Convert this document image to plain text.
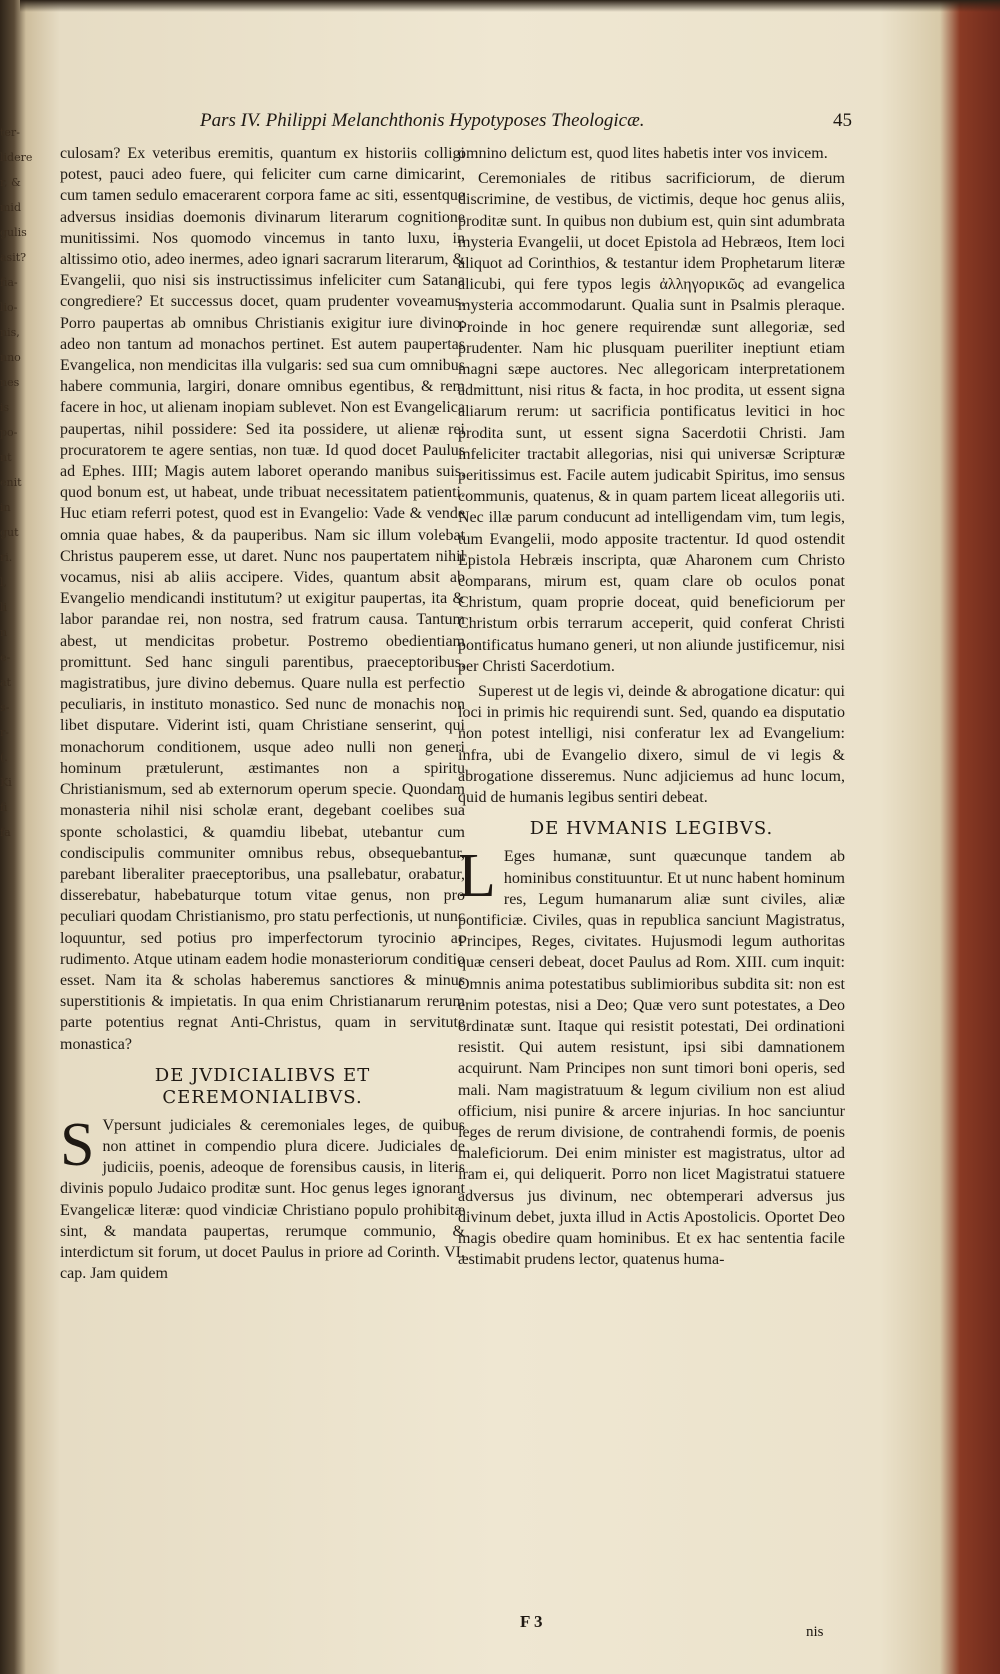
ter-
lidere
r, &
mid
gulis
asit?
fia-
lio-
nis,
nno
nes
is
po-
nt
enit
in
gut
ri.
l,
li
n
e-
at
s-
r-
(.
Ki
fi
fa
Pars IV. Philippi Melanchthonis Hypotyposes Theologicæ.	45

culosam? Ex veteribus eremitis, quantum ex historiis colligi potest, pauci adeo fuere, qui feliciter cum carne dimicarint, cum tamen sedulo emacerarent corpora fame ac siti, essentque adversus insidias doemonis divinarum literarum cognitione munitissimi. Nos quomodo vincemus in tanto luxu, in altissimo otio, adeo inermes, adeo ignari sacrarum literarum, & Evangelii, quo nisi sis instructissimus infeliciter cum Satana congrediere? Et successus docet, quam prudenter voveamus. Porro paupertas ab omnibus Christianis exigitur iure divino: adeo non tantum ad monachos pertinet. Est autem paupertas Evangelica, non mendicitas illa vulgaris: sed sua cum omnibus habere communia, largiri, donare omnibus egentibus, & rem facere in hoc, ut alienam inopiam sublevet. Non est Evangelica paupertas, nihil possidere: Sed ita possidere, ut alienæ rei procuratorem te agere sentias, non tuæ. Id quod docet Paulus ad Ephes. IIII; Magis autem laboret operando manibus suis, quod bonum est, ut habeat, unde tribuat necessitatem patienti. Huc etiam referri potest, quod est in Evangelio: Vade & vende omnia quae habes, & da pauperibus. Nam sic illum volebat Christus pauperem esse, ut daret. Nunc nos paupertatem nihil vocamus, nisi ab aliis accipere. Vides, quantum absit ab Evangelio mendicandi institutum? ut exigitur paupertas, ita & labor parandae rei, non nostra, sed fratrum causa. Tantum abest, ut mendicitas probetur. Postremo obedientiam promittunt. Sed hanc singuli parentibus, praeceptoribus, magistratibus, jure divino debemus. Quare nulla est perfectio peculiaris, in instituto monastico. Sed nunc de monachis non libet disputare. Viderint isti, quam Christiane senserint, qui monachorum conditionem, usque adeo nulli non generi hominum prætulerunt, æstimantes non a spiritu Christianismum, sed ab externorum operum specie. Quondam monasteria nihil nisi scholæ erant, degebant coelibes sua sponte scholastici, & quamdiu libebat, utebantur cum condiscipulis communiter omnibus rebus, obsequebantur, parebant liberaliter praeceptoribus, una psallebatur, orabatur, disserebatur, habebaturque totum vitae genus, non pro peculiari quodam Christianismo, pro statu perfectionis, ut nunc loquuntur, sed potius pro imperfectorum tyrocinio ac rudimento. Atque utinam eadem hodie monasteriorum conditio esset. Nam ita & scholas haberemus sanctiores & minus superstitionis & impietatis. In qua enim Christianarum rerum parte potentius regnat Anti-Christus, quam in servitute monastica?

DE JVDICIALIBVS ET CEREMONIALIBVS.

S Vpersunt judiciales & ceremoniales leges, de quibus non attinet in compendio plura dicere. Judiciales de judiciis, poenis, adeoque de forensibus causis, in literis divinis populo Judaico proditæ sunt. Hoc genus leges ignorant Evangelicæ literæ: quod vindiciæ Christiano populo prohibitæ sint, & mandata paupertas, rerumque communio, & interdictum sit forum, ut docet Paulus in priore ad Corinth. VI. cap. Jam quidem

omnino delictum est, quod lites habetis inter vos invicem.

Ceremoniales de ritibus sacrificiorum, de dierum discrimine, de vestibus, de victimis, deque hoc genus aliis, proditæ sunt. In quibus non dubium est, quin sint adumbrata mysteria Evangelii, ut docet Epistola ad Hebræos, Item loci aliquot ad Corinthios, & testantur idem Prophetarum literæ alicubi, qui fere typos legis ἀλληγορικῶς ad evangelica mysteria accommodarunt. Qualia sunt in Psalmis pleraque. Proinde in hoc genere requirendæ sunt allegoriæ, sed prudenter. Nam hic plusquam pueriliter ineptiunt etiam magni sæpe auctores. Nec allegoricam interpretationem admittunt, nisi ritus & facta, in hoc prodita, ut essent signa aliarum rerum: ut sacrificia pontificatus levitici in hoc prodita sunt, ut essent signa Sacerdotii Christi. Jam infeliciter tractabit allegorias, nisi qui universæ Scripturæ peritissimus est. Facile autem judicabit Spiritus, imo sensus communis, quatenus, & in quam partem liceat allegoriis uti. Nec illæ parum conducunt ad intelligendam vim, tum legis, tum Evangelii, modo apposite tractentur. Id quod ostendit Epistola Hebræis inscripta, quæ Aharonem cum Christo comparans, mirum est, quam clare ob oculos ponat Christum, quam proprie doceat, quid beneficiorum per Christum orbis terrarum acceperit, quid conferat Christi pontificatus humano generi, ut non aliunde justificemur, nisi per Christi Sacerdotium.

Superest ut de legis vi, deinde & abrogatione dicatur: qui loci in primis hic requirendi sunt. Sed, quando ea disputatio non potest intelligi, nisi conferatur lex ad Evangelium: infra, ubi de Evangelio dixero, simul de vi legis & abrogatione disseremus. Nunc adjiciemus ad hunc locum, quid de humanis legibus sentiri debeat.

DE HVMANIS LEGIBVS.

L Eges humanæ, sunt quæcunque tandem ab hominibus constituuntur. Et ut nunc habent hominum res, Legum humanarum aliæ sunt civiles, aliæ pontificiæ. Civiles, quas in republica sanciunt Magistratus, Principes, Reges, civitates. Hujusmodi legum authoritas quæ censeri debeat, docet Paulus ad Rom. XIII. cum inquit: Omnis anima potestatibus sublimioribus subdita sit: non est enim potestas, nisi a Deo; Quæ vero sunt potestates, a Deo ordinatæ sunt. Itaque qui resistit potestati, Dei ordinationi resistit. Qui autem resistunt, ipsi sibi damnationem acquirunt. Nam Principes non sunt timori boni operis, sed mali. Nam magistratuum & legum civilium non est aliud officium, nisi punire & arcere injurias. In hoc sanciuntur leges de rerum divisione, de contrahendi formis, de poenis maleficiorum. Dei enim minister est magistratus, ultor ad iram ei, qui deliquerit. Porro non licet Magistratui statuere adversus jus divinum, nec obtemperari adversus jus divinum debet, juxta illud in Actis Apostolicis. Oportet Deo magis obedire quam hominibus. Et ex hac sententia facile æstimabit prudens lector, quatenus huma-

F 3
nis
